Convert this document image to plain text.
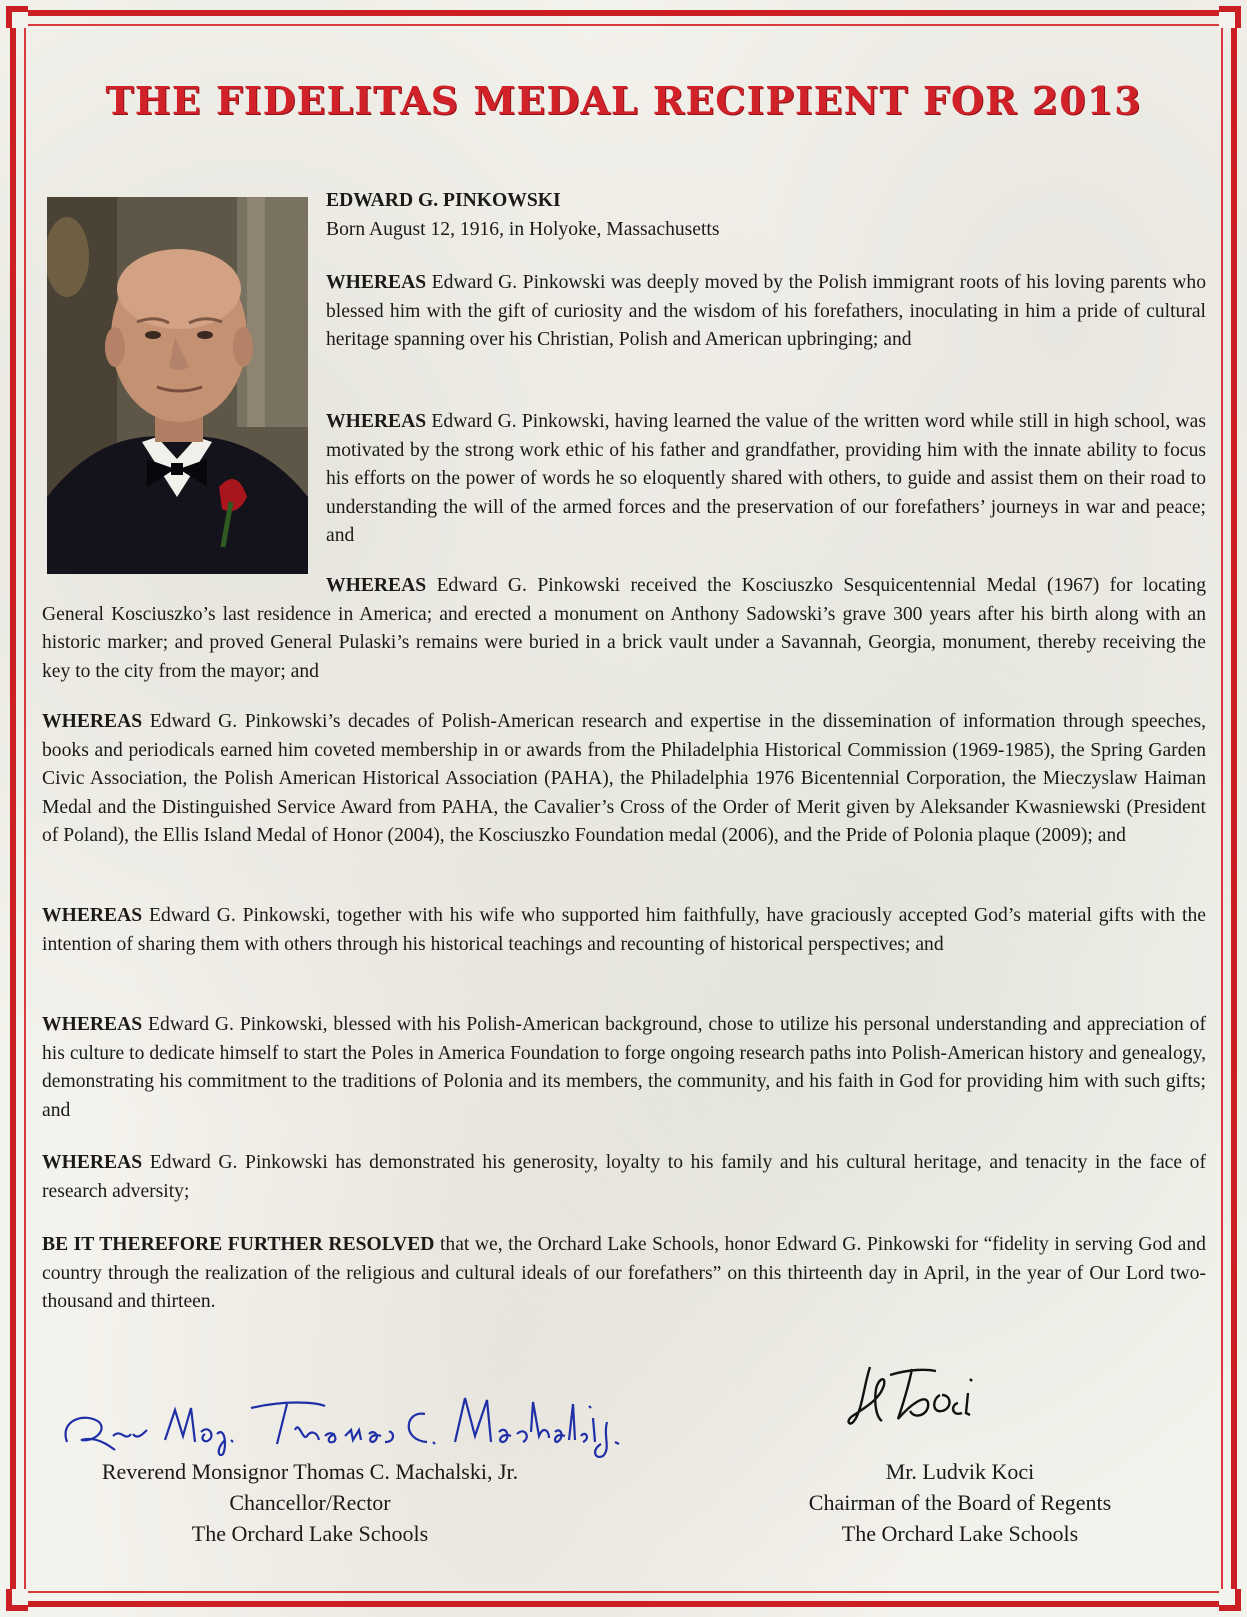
THE FIDELITAS MEDAL RECIPIENT FOR 2013
EDWARD G. PINKOWSKI
Born August 12, 1916, in Holyoke, Massachusetts

WHEREAS Edward G. Pinkowski was deeply moved by the Polish immigrant roots of his loving parents who blessed him with the gift of curiosity and the wisdom of his forefathers, inoculating in him a pride of cultural heritage spanning over his Christian, Polish and American upbringing; and

WHEREAS Edward G. Pinkowski, having learned the value of the written word while still in high school, was motivated by the strong work ethic of his father and grandfather, providing him with the innate ability to focus his efforts on the power of words he so eloquently shared with others, to guide and assist them on their road to understanding the will of the armed forces and the preservation of our forefathers’ journeys in war and peace; and

WHEREAS Edward G. Pinkowski received the Kosciuszko Sesquicentennial Medal (1967) for locating General Kosciuszko’s last residence in America; and erected a monument on Anthony Sadowski’s grave 300 years after his birth along with an historic marker; and proved General Pulaski’s remains were buried in a brick vault under a Savannah, Georgia, monument, thereby receiving the key to the city from the mayor; and

WHEREAS Edward G. Pinkowski’s decades of Polish-American research and expertise in the dissemination of information through speeches, books and periodicals earned him coveted membership in or awards from the Philadelphia Historical Commission (1969-1985), the Spring Garden Civic Association, the Polish American Historical Association (PAHA), the Philadelphia 1976 Bicentennial Corporation, the Mieczyslaw Haiman Medal and the Distinguished Service Award from PAHA, the Cavalier’s Cross of the Order of Merit given by Aleksander Kwasniewski (President of Poland), the Ellis Island Medal of Honor (2004), the Kosciuszko Foundation medal (2006), and the Pride of Polonia plaque (2009); and

WHEREAS Edward G. Pinkowski, together with his wife who supported him faithfully, have graciously accepted God’s material gifts with the intention of sharing them with others through his historical teachings and recounting of historical perspectives; and

WHEREAS Edward G. Pinkowski, blessed with his Polish-American background, chose to utilize his personal understanding and appreciation of his culture to dedicate himself to start the Poles in America Foundation to forge ongoing research paths into Polish-American history and genealogy, demonstrating his commitment to the traditions of Polonia and its members, the community, and his faith in God for providing him with such gifts; and

WHEREAS Edward G. Pinkowski has demonstrated his generosity, loyalty to his family and his cultural heritage, and tenacity in the face of research adversity;

BE IT THEREFORE FURTHER RESOLVED that we, the Orchard Lake Schools, honor Edward G. Pinkowski for “fidelity in serving God and country through the realization of the religious and cultural ideals of our forefathers” on this thirteenth day in April, in the year of Our Lord two-thousand and thirteen.

Reverend Monsignor Thomas C. Machalski, Jr.
Chancellor/Rector
The Orchard Lake Schools
Mr. Ludvik Koci
Chairman of the Board of Regents
The Orchard Lake Schools
